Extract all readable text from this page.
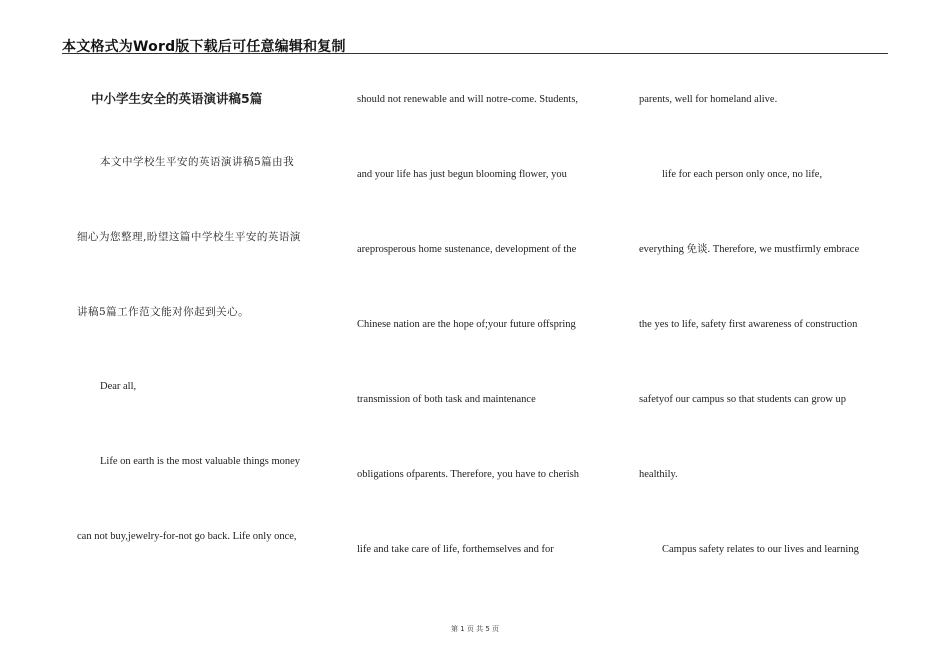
本文格式为Word版下载后可任意编辑和复制
中小学生安全的英语演讲稿5篇
本文中学校生平安的英语演讲稿5篇由我
细心为您整理,盼望这篇中学校生平安的英语演
讲稿5篇工作范文能对你起到关心。
Dear all,
Life on earth is the most valuable things money
can not buy,jewelry-for-not go back. Life only once,
should not renewable and will notre-come. Students,
and your life has just begun blooming flower, you
areprosperous home sustenance, development of the
Chinese nation are the hope of;your future offspring
transmission of both task and maintenance
obligations ofparents. Therefore, you have to cherish
life and take care of life, forthemselves and for
parents, well for homeland alive.
life for each person only once, no life,
everything 免谈. Therefore, we mustfirmly embrace
the yes to life, safety first awareness of construction
safetyof our campus so that students can grow up
healthily.
Campus safety relates to our lives and learning
第 1 页 共 5 页
